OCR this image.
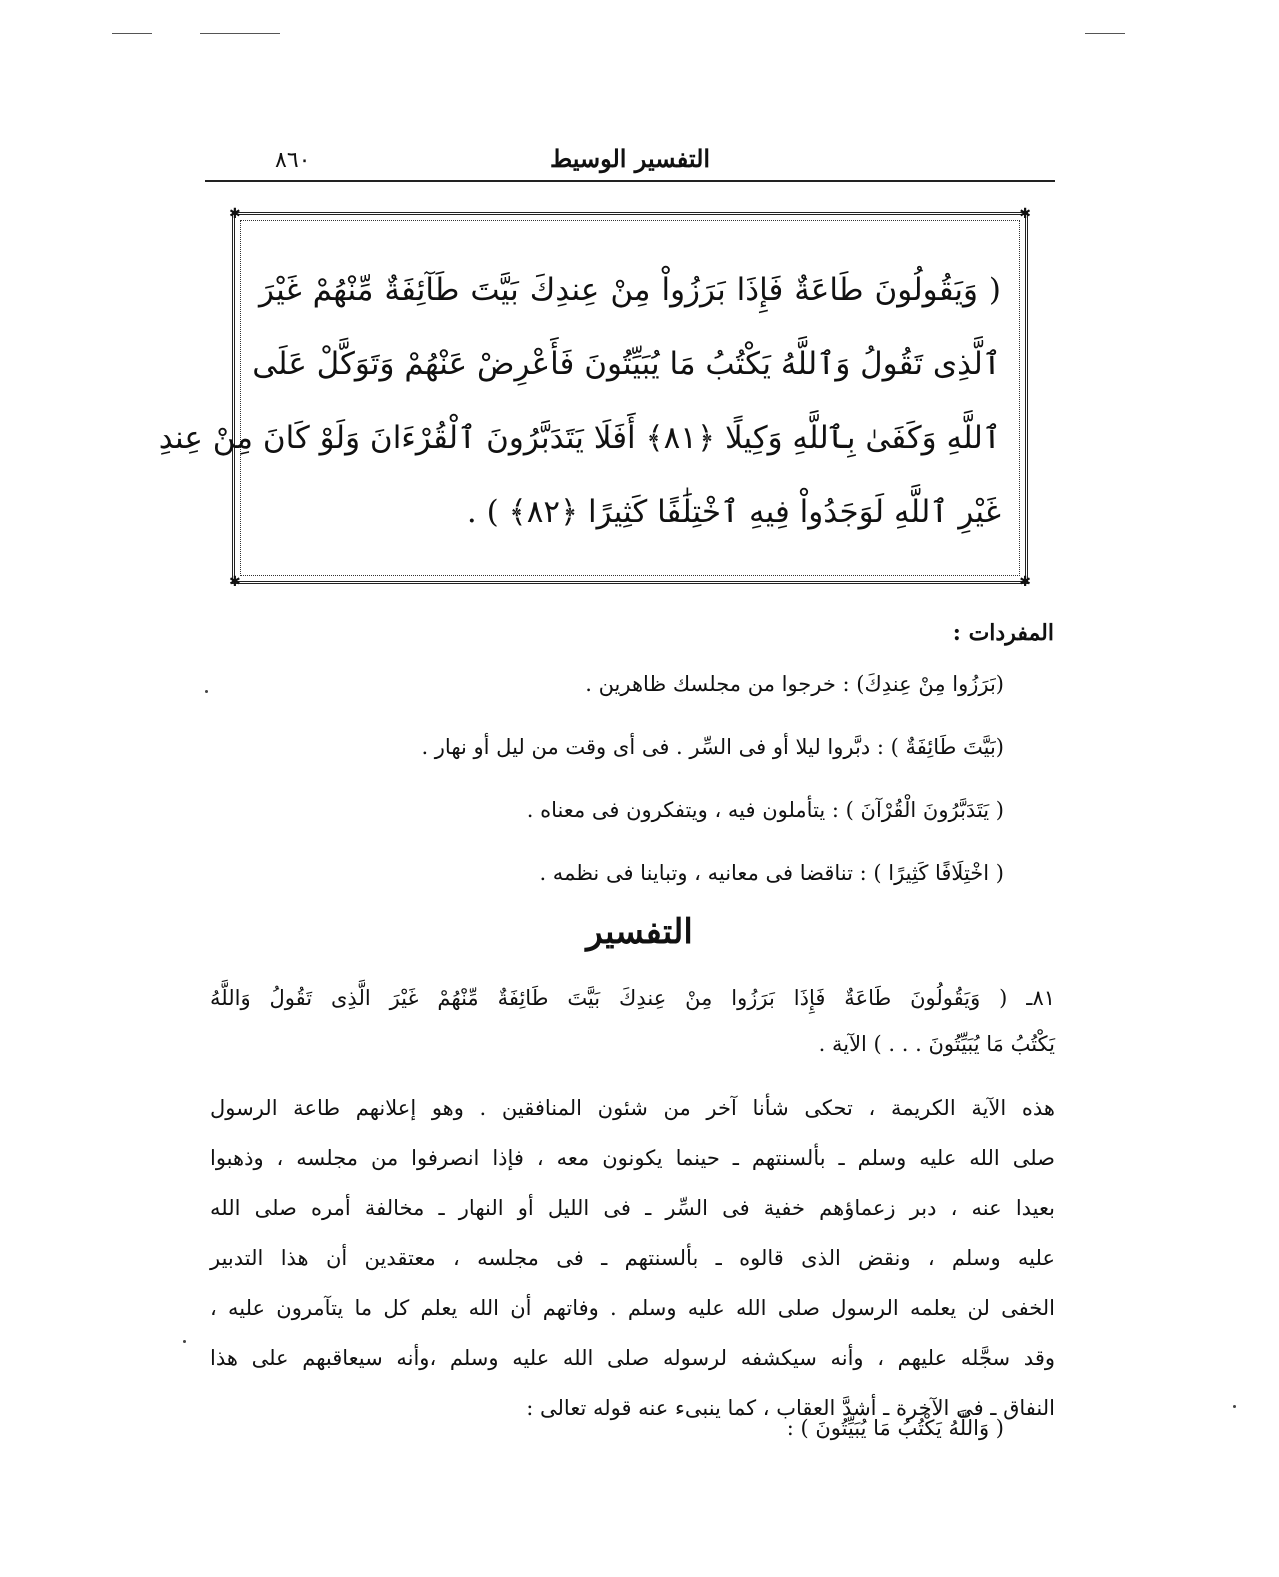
٨٦٠	التفسير الوسيط
✱	✱
✱	✱
( وَيَقُولُونَ طَاعَةٌ فَإِذَا بَرَزُواْ مِنْ عِندِكَ بَيَّتَ طَآئِفَةٌ مِّنْهُمْ غَيْرَ
ٱلَّذِى تَقُولُ وَٱللَّهُ يَكْتُبُ مَا يُبَيِّتُونَ فَأَعْرِضْ عَنْهُمْ وَتَوَكَّلْ عَلَى
ٱللَّهِ وَكَفَىٰ بِٱللَّهِ وَكِيلًا ﴿٨١﴾ أَفَلَا يَتَدَبَّرُونَ ٱلْقُرْءَانَ وَلَوْ كَانَ مِنْ عِندِ
غَيْرِ ٱللَّهِ لَوَجَدُواْ فِيهِ ٱخْتِلَٰفًا كَثِيرًا ﴿٨٢﴾ ) .
المفردات :
(بَرَزُوا مِنْ عِندِكَ) : خرجوا من مجلسك ظاهرين .
(بَيَّتَ طَائِفَةٌ ) : دبَّروا ليلا أو فى السِّر . فى أى وقت من ليل أو نهار .
( يَتَدَبَّرُونَ الْقُرْآنَ ) : يتأملون فيه ، ويتفكرون فى معناه .
( اخْتِلَافًا كَثِيرًا ) : تناقضا فى معانيه ، وتباينا فى نظمه .
التفسير
٨١ـ ( وَيَقُولُونَ طَاعَةٌ فَإِذَا بَرَزُوا مِنْ عِندِكَ بَيَّتَ طَائِفَةٌ مِّنْهُمْ غَيْرَ الَّذِى تَقُولُ وَاللَّهُ
يَكْتُبُ مَا يُبَيِّتُونَ . . . ) الآية .
هذه الآية الكريمة ، تحكى شأنا آخر من شئون المنافقين . وهو إعلانهم طاعة الرسول
صلى الله عليه وسلم ـ بألسنتهم ـ حينما يكونون معه ، فإذا انصرفوا من مجلسه ، وذهبوا
بعيدا عنه ، دبر زعماؤهم خفية فى السِّر ـ فى الليل أو النهار ـ مخالفة أمره صلى الله
عليه وسلم ، ونقض الذى قالوه ـ بألسنتهم ـ فى مجلسه ، معتقدين أن هذا التدبير
الخفى لن يعلمه الرسول صلى الله عليه وسلم . وفاتهم أن الله يعلم كل ما يتآمرون عليه ،
وقد سجَّله عليهم ، وأنه سيكشفه لرسوله صلى الله عليه وسلم ،وأنه سيعاقبهم على هذا
النفاق ـ فى الآخرة ـ أشدَّ العقاب ، كما ينبىء عنه قوله تعالى :
( وَاللَّهُ يَكْتُبُ مَا يُبَيِّتُونَ ) :
